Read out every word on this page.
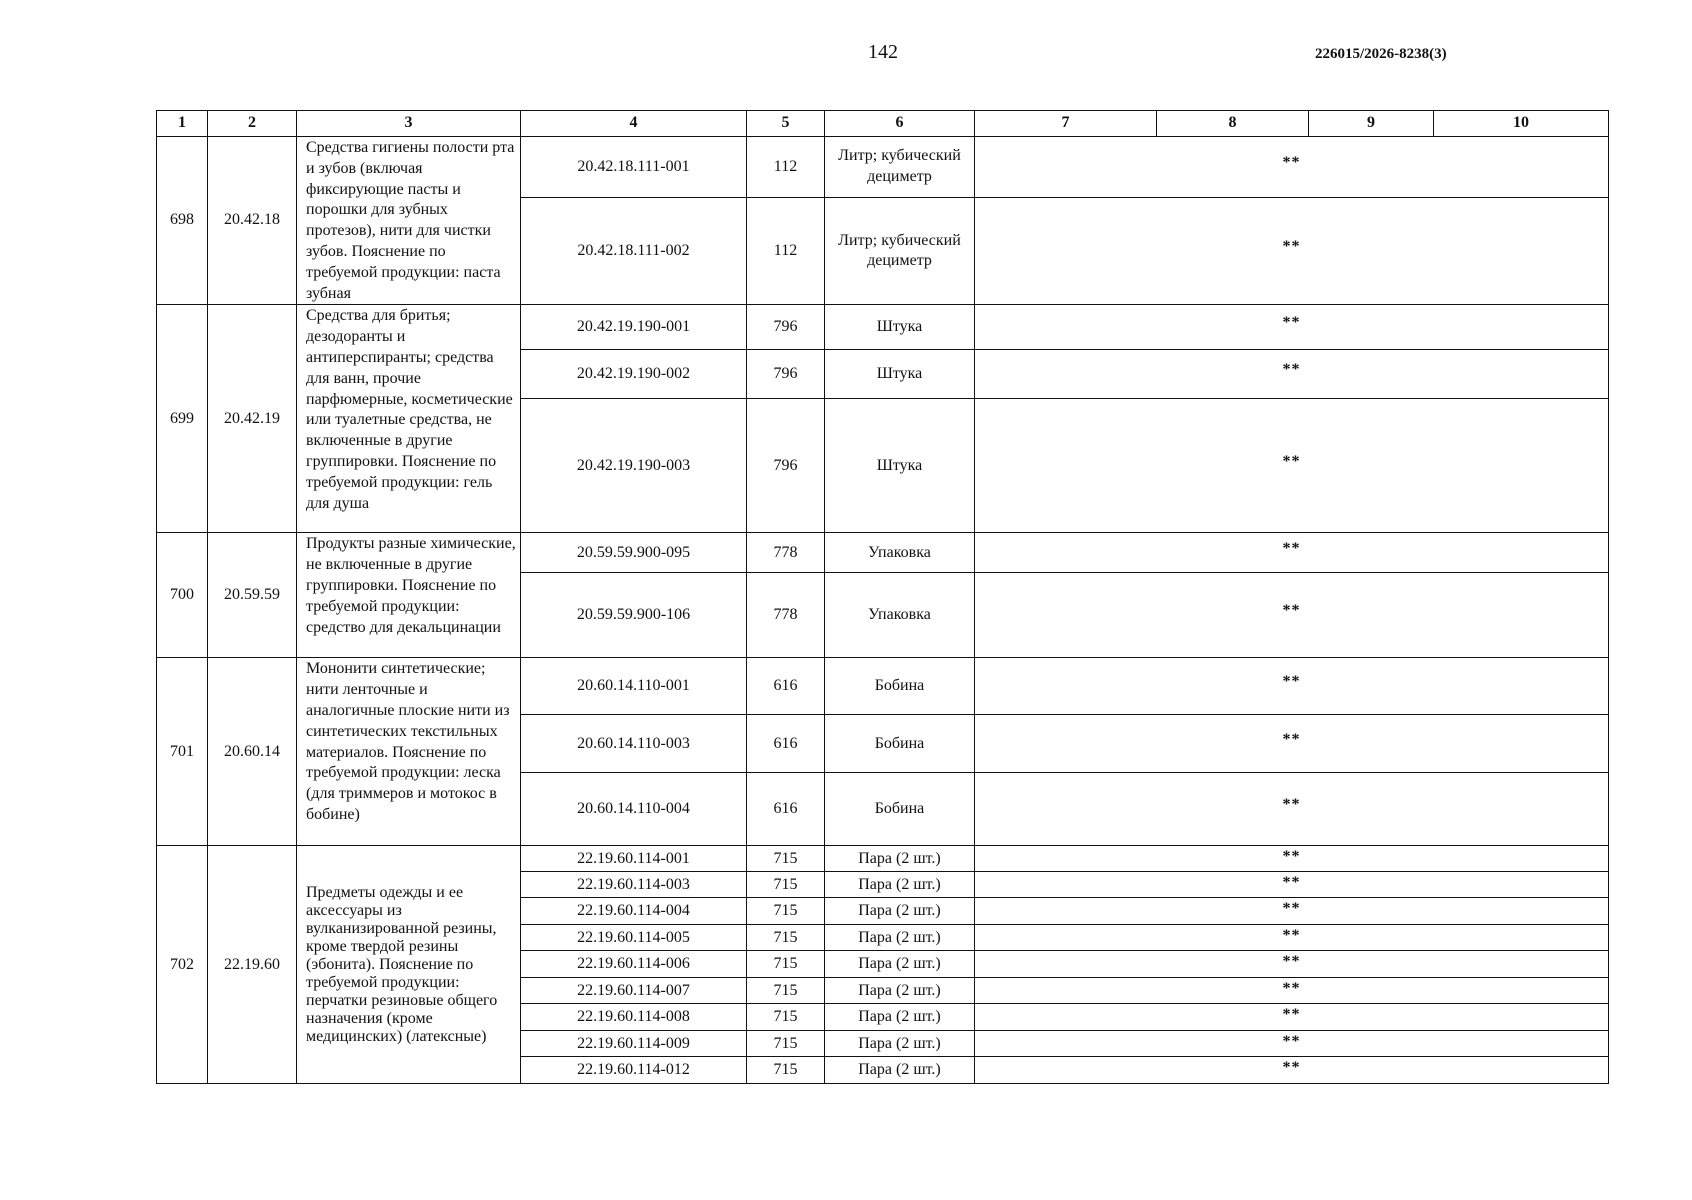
142	226015/2026-8238(3)
1	2	3	4	5	6	7	8	9	10
698	20.42.18	Средства гигиены полости рта и зубов (включая фиксирующие пасты и порошки для зубных протезов), нити для чистки зубов. Пояснение по требуемой продукции: паста зубная	20.42.18.111-001	112	Литр; кубический дециметр	**			
			20.42.18.111-002	112	Литр; кубический дециметр	**			
699	20.42.19	Средства для бритья; дезодоранты и антиперспиранты; средства для ванн, прочие парфюмерные, косметические или туалетные средства, не включенные в другие группировки. Пояснение по требуемой продукции: гель для душа	20.42.19.190-001	796	Штука	**			
			20.42.19.190-002	796	Штука	**			
			20.42.19.190-003	796	Штука	**			
700	20.59.59	Продукты разные химические, не включенные в другие группировки. Пояснение по требуемой продукции: средство для декальцинации	20.59.59.900-095	778	Упаковка	**			
			20.59.59.900-106	778	Упаковка	**			
701	20.60.14	Мононити синтетические; нити ленточные и аналогичные плоские нити из синтетических текстильных материалов. Пояснение по требуемой продукции: леска (для триммеров и мотокос в бобине)	20.60.14.110-001	616	Бобина	**			
			20.60.14.110-003	616	Бобина	**			
			20.60.14.110-004	616	Бобина	**			
702	22.19.60	Предметы одежды и ее аксессуары из вулканизированной резины, кроме твердой резины (эбонита). Пояснение по требуемой продукции: перчатки резиновые общего назначения (кроме медицинских) (латексные)	22.19.60.114-001	715	Пара (2 шт.)	**			
			22.19.60.114-003	715	Пара (2 шт.)	**			
			22.19.60.114-004	715	Пара (2 шт.)	**			
			22.19.60.114-005	715	Пара (2 шт.)	**			
			22.19.60.114-006	715	Пара (2 шт.)	**			
			22.19.60.114-007	715	Пара (2 шт.)	**			
			22.19.60.114-008	715	Пара (2 шт.)	**			
			22.19.60.114-009	715	Пара (2 шт.)	**			
			22.19.60.114-012	715	Пара (2 шт.)	**			
